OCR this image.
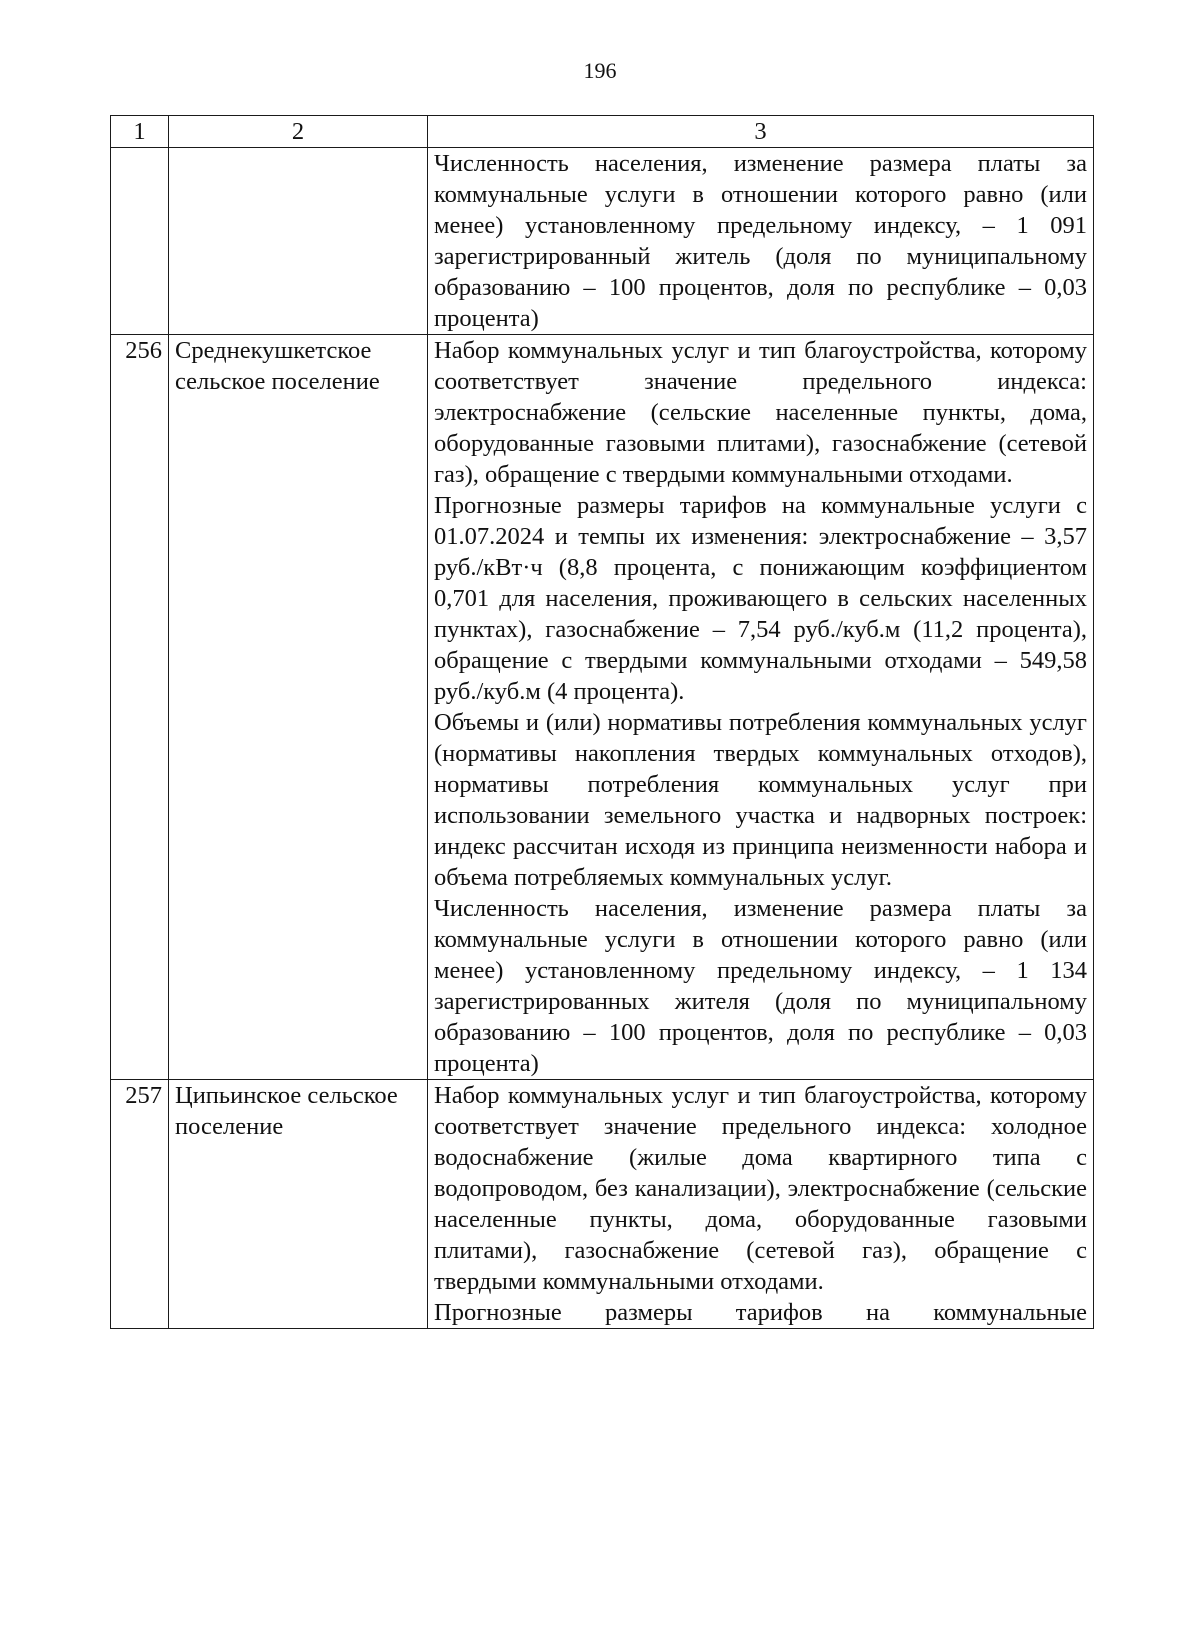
196
1	2	3

		Численность населения, изменение размера платы за коммунальные услуги в отношении которого равно (или менее) установленному предельному индексу, – 1 091 зарегистрированный житель (доля по муниципальному образованию – 100 процентов, доля по республике – 0,03 процента)

256	Среднекушкетское сельское поселение	Набор коммунальных услуг и тип благоустройства, которому соответствует значение предельного индекса: электроснабжение (сельские населенные пункты, дома, оборудованные газовыми плитами), газоснабжение (сетевой газ), обращение с твердыми коммунальными отходами.

Прогнозные размеры тарифов на коммунальные услуги с 01.07.2024 и темпы их изменения: электроснабжение – 3,57 руб./кВт·ч (8,8 процента, с понижающим коэффициентом 0,701 для населения, проживающего в сельских населенных пунктах), газоснабжение – 7,54 руб./куб.м (11,2 процента), обращение с твердыми коммунальными отходами – 549,58 руб./куб.м (4 процента).

Объемы и (или) нормативы потребления коммунальных услуг (нормативы накопления твердых коммунальных отходов), нормативы потребления коммунальных услуг при использовании земельного участка и надворных построек: индекс рассчитан исходя из принципа неизменности набора и объема потребляемых коммунальных услуг.

Численность населения, изменение размера платы за коммунальные услуги в отношении которого равно (или менее) установленному предельному индексу, – 1 134 зарегистрированных жителя (доля по муниципальному образованию – 100 процентов, доля по республике – 0,03 процента)

257	Ципьинское сельское поселение	Набор коммунальных услуг и тип благоустройства, которому соответствует значение предельного индекса: холодное водоснабжение (жилые дома квартирного типа с водопроводом, без канализации), электроснабжение (сельские населенные пункты, дома, оборудованные газовыми плитами), газоснабжение (сетевой газ), обращение с твердыми коммунальными отходами.

Прогнозные размеры тарифов на коммунальные
